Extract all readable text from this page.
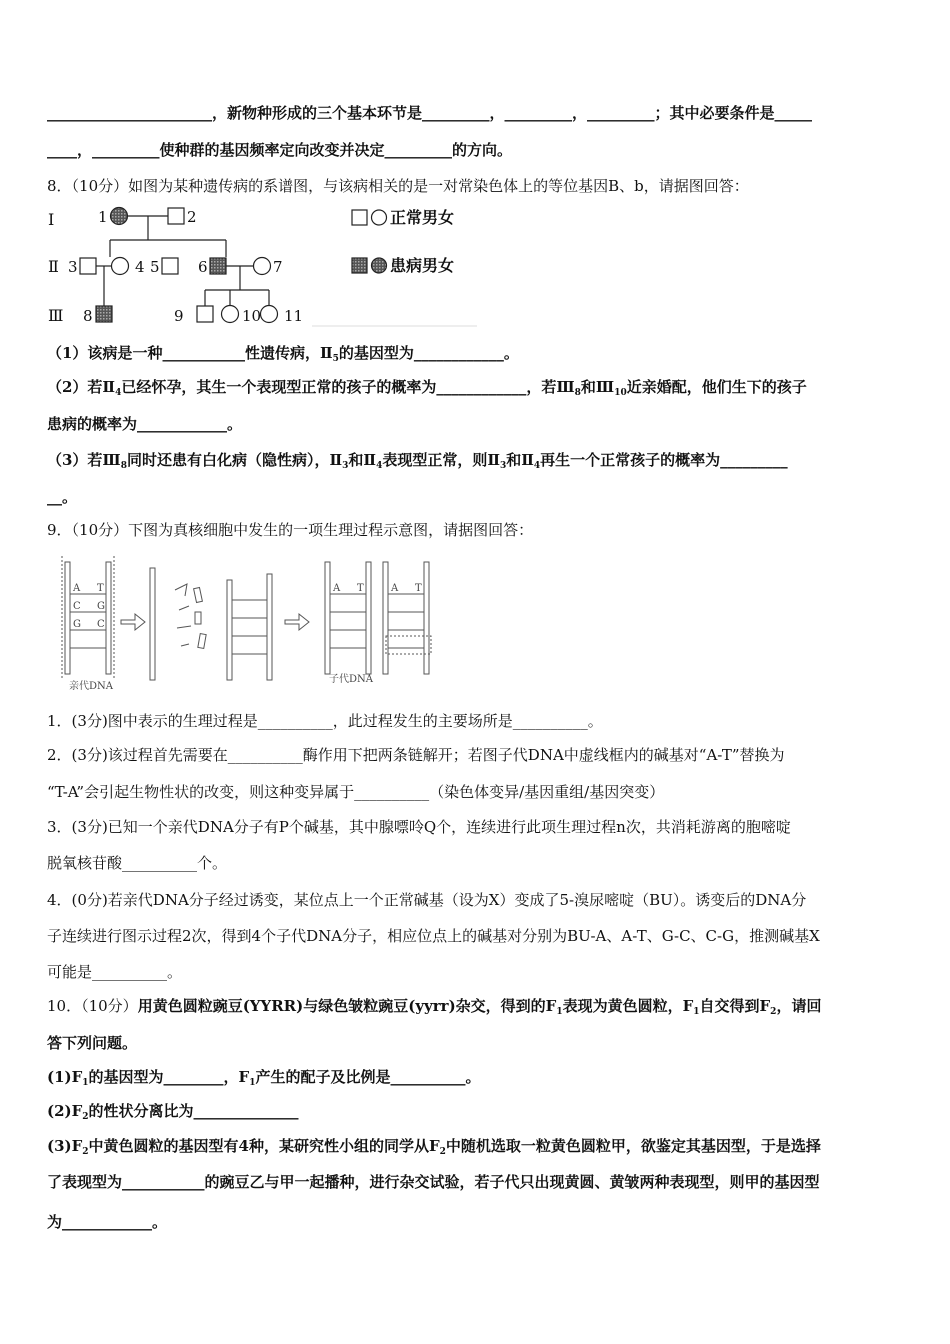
______________________，新物种形成的三个基本环节是_________，_________，_________；其中必要条件是_____
____，_________使种群的基因频率定向改变并决定_________的方向。
8．（10分）如图为某种遗传病的系谱图，与该病相关的是一对常染色体上的等位基因B、b，请据图回答：
Ⅰ
Ⅱ
Ⅲ
1	2
3	4 5	6	7
8	9	10 11
正常男女
患病男女
（1）该病是一种___________性遗传病，$Ⅱ_5$的基因型为____________。
（2）若$Ⅱ_4$已经怀孕，其生一个表现型正常的孩子的概率为____________，若$Ⅲ_8$和$Ⅲ_{10}$近亲婚配，他们生下的孩子
患病的概率为____________。
（3）若$Ⅲ_8$同时还患有白化病（隐性病），$Ⅱ_3$和$Ⅱ_4$表现型正常，则$Ⅱ_3$和$Ⅱ_4$再生一个正常孩子的概率为_________
__。
9．（10分）下图为真核细胞中发生的一项生理过程示意图，请据图回答：
A T
C G
G C
A T	A T
亲代DNA
子代DNA
1．(3分)图中表示的生理过程是__________，此过程发生的主要场所是__________。
2．(3分)该过程首先需要在__________酶作用下把两条链解开；若图子代DNA中虚线框内的碱基对“A-T”替换为
“T-A”会引起生物性状的改变，则这种变异属于__________（染色体变异/基因重组/基因突变）
3．(3分)已知一个亲代DNA分子有P个碱基，其中腺嘌呤Q个，连续进行此项生理过程n次，共消耗游离的胞嘧啶
脱氧核苷酸__________个。
4．(0分)若亲代DNA分子经过诱变，某位点上一个正常碱基（设为X）变成了5-溴尿嘧啶（BU）。诱变后的DNA分
子连续进行图示过程2次，得到4个子代DNA分子，相应位点上的碱基对分别为BU-A、A-T、G-C、C-G，推测碱基X
可能是__________。
10．（10分）用黄色圆粒豌豆(YYRR)与绿色皱粒豌豆(yyrr)杂交，得到的$F_1$表现为黄色圆粒，$F_1$自交得到$F_2$，请回
答下列问题。
$(1)F_1$的基因型为________，$F_1$产生的配子及比例是__________。
$(2)F_2$的性状分离比为______________
$(3)F_2$中黄色圆粒的基因型有4种，某研究性小组的同学从$F_2$中随机选取一粒黄色圆粒甲，欲鉴定其基因型，于是选择
了表现型为___________的豌豆乙与甲一起播种，进行杂交试验，若子代只出现黄圆、黄皱两种表现型，则甲的基因型
为____________。
